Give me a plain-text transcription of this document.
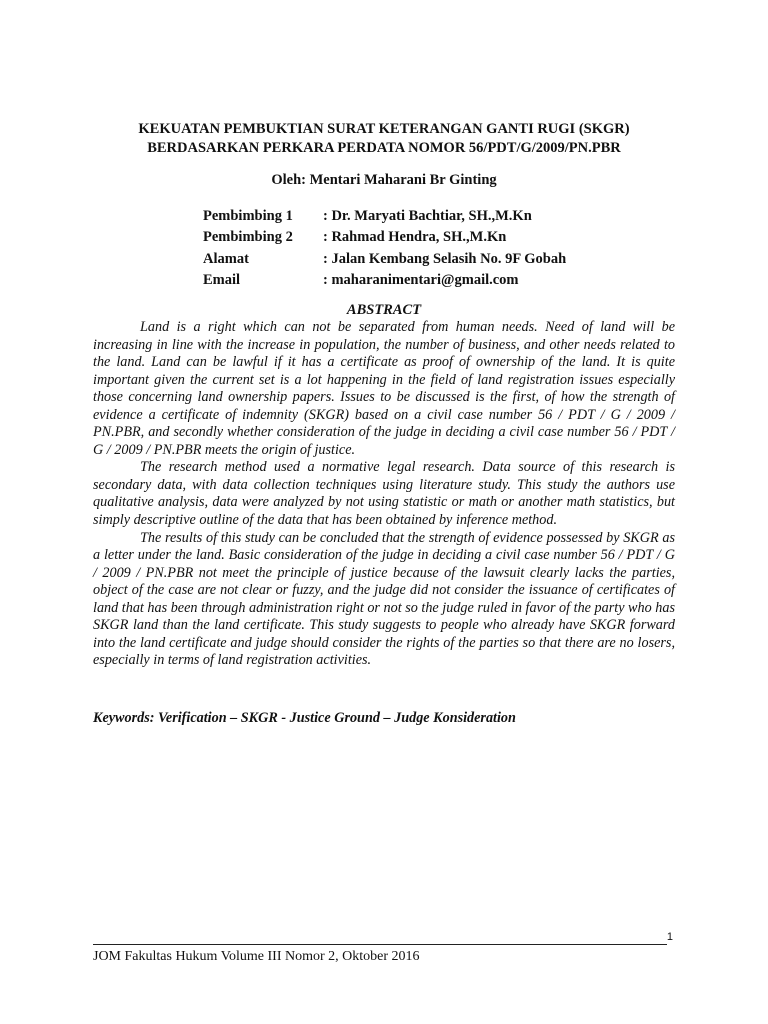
KEKUATAN PEMBUKTIAN SURAT KETERANGAN GANTI RUGI (SKGR)
BERDASARKAN PERKARA PERDATA NOMOR 56/PDT/G/2009/PN.PBR
Oleh: Mentari Maharani Br Ginting
Pembimbing 1	: Dr. Maryati Bachtiar, SH.,M.Kn
Pembimbing 2	: Rahmad Hendra, SH.,M.Kn
Alamat	: Jalan Kembang Selasih No. 9F Gobah
Email	: maharanimentari@gmail.com
ABSTRACT

Land is a right which can not be separated from human needs. Need of land will be increasing in line with the increase in population, the number of business, and other needs related to the land. Land can be lawful if it has a certificate as proof of ownership of the land. It is quite important given the current set is a lot happening in the field of land registration issues especially those concerning land ownership papers. Issues to be discussed is the first, of how the strength of evidence a certificate of indemnity (SKGR) based on a civil case number 56 / PDT / G / 2009 / PN.PBR, and secondly whether consideration of the judge in deciding a civil case number 56 / PDT / G / 2009 / PN.PBR meets the origin of justice.

The research method used a normative legal research. Data source of this research is secondary data, with data collection techniques using literature study. This study the authors use qualitative analysis, data were analyzed by not using statistic or math or another math statistics, but simply descriptive outline of the data that has been obtained by inference method.

The results of this study can be concluded that the strength of evidence possessed by SKGR as a letter under the land. Basic consideration of the judge in deciding a civil case number 56 / PDT / G / 2009 / PN.PBR not meet the principle of justice because of the lawsuit clearly lacks the parties, object of the case are not clear or fuzzy, and the judge did not consider the issuance of certificates of land that has been through administration right or not so the judge ruled in favor of the party who has SKGR land than the land certificate. This study suggests to people who already have SKGR forward into the land certificate and judge should consider the rights of the parties so that there are no losers, especially in terms of land registration activities.

Keywords: Verification – SKGR - Justice Ground – Judge Konsideration
1
JOM Fakultas Hukum Volume III Nomor 2, Oktober 2016
